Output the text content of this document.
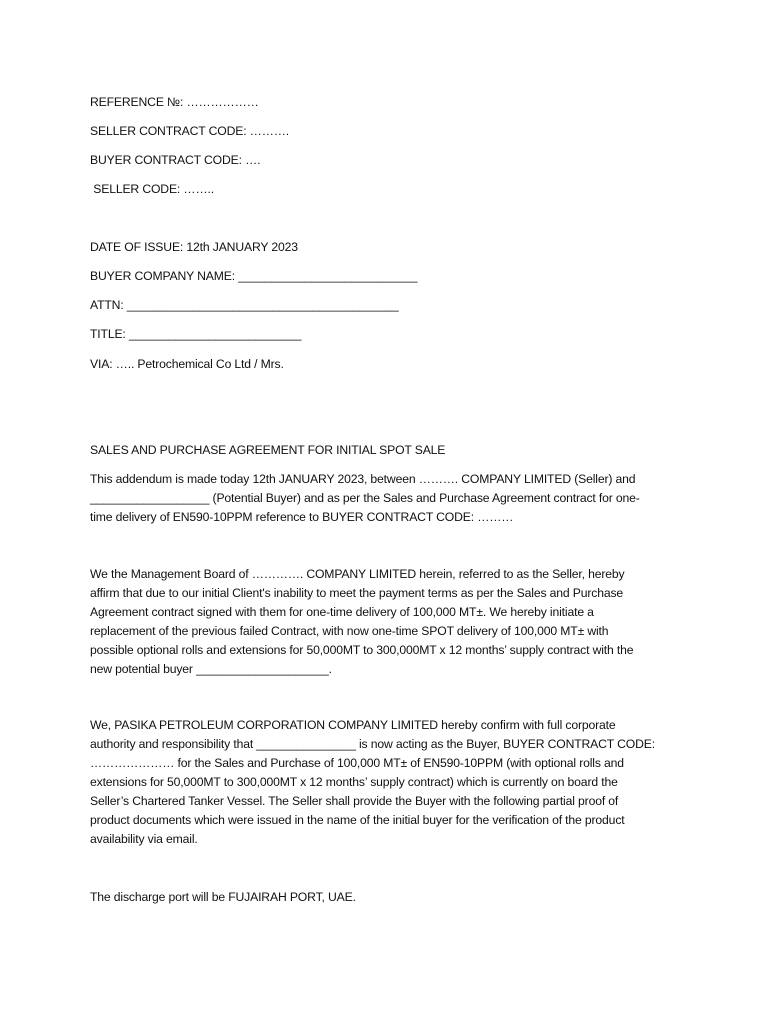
REFERENCE №: ………………
SELLER CONTRACT CODE: ……….
BUYER CONTRACT CODE: ….
SELLER CODE: ……..
DATE OF ISSUE: 12th JANUARY 2023
BUYER COMPANY NAME: ___________________________
ATTN: _________________________________________
TITLE: __________________________
VIA: ….. Petrochemical Co Ltd / Mrs.
SALES AND PURCHASE AGREEMENT FOR INITIAL SPOT SALE
This addendum is made today 12th JANUARY 2023, between ………. COMPANY LIMITED (Seller) and
__________________ (Potential Buyer) and as per the Sales and Purchase Agreement contract for one-
time delivery of EN590-10PPM reference to BUYER CONTRACT CODE: ………
We the Management Board of …………. COMPANY LIMITED herein, referred to as the Seller, hereby
affirm that due to our initial Client's inability to meet the payment terms as per the Sales and Purchase
Agreement contract signed with them for one-time delivery of 100,000 MT±. We hereby initiate a
replacement of the previous failed Contract, with now one-time SPOT delivery of 100,000 MT± with
possible optional rolls and extensions for 50,000MT to 300,000MT x 12 months’ supply contract with the
new potential buyer ____________________.
We, PASIKA PETROLEUM CORPORATION COMPANY LIMITED hereby confirm with full corporate
authority and responsibility that _______________ is now acting as the Buyer, BUYER CONTRACT CODE:
………………… for the Sales and Purchase of 100,000 MT± of EN590-10PPM (with optional rolls and
extensions for 50,000MT to 300,000MT x 12 months’ supply contract) which is currently on board the
Seller’s Chartered Tanker Vessel. The Seller shall provide the Buyer with the following partial proof of
product documents which were issued in the name of the initial buyer for the verification of the product
availability via email.
The discharge port will be FUJAIRAH PORT, UAE.
